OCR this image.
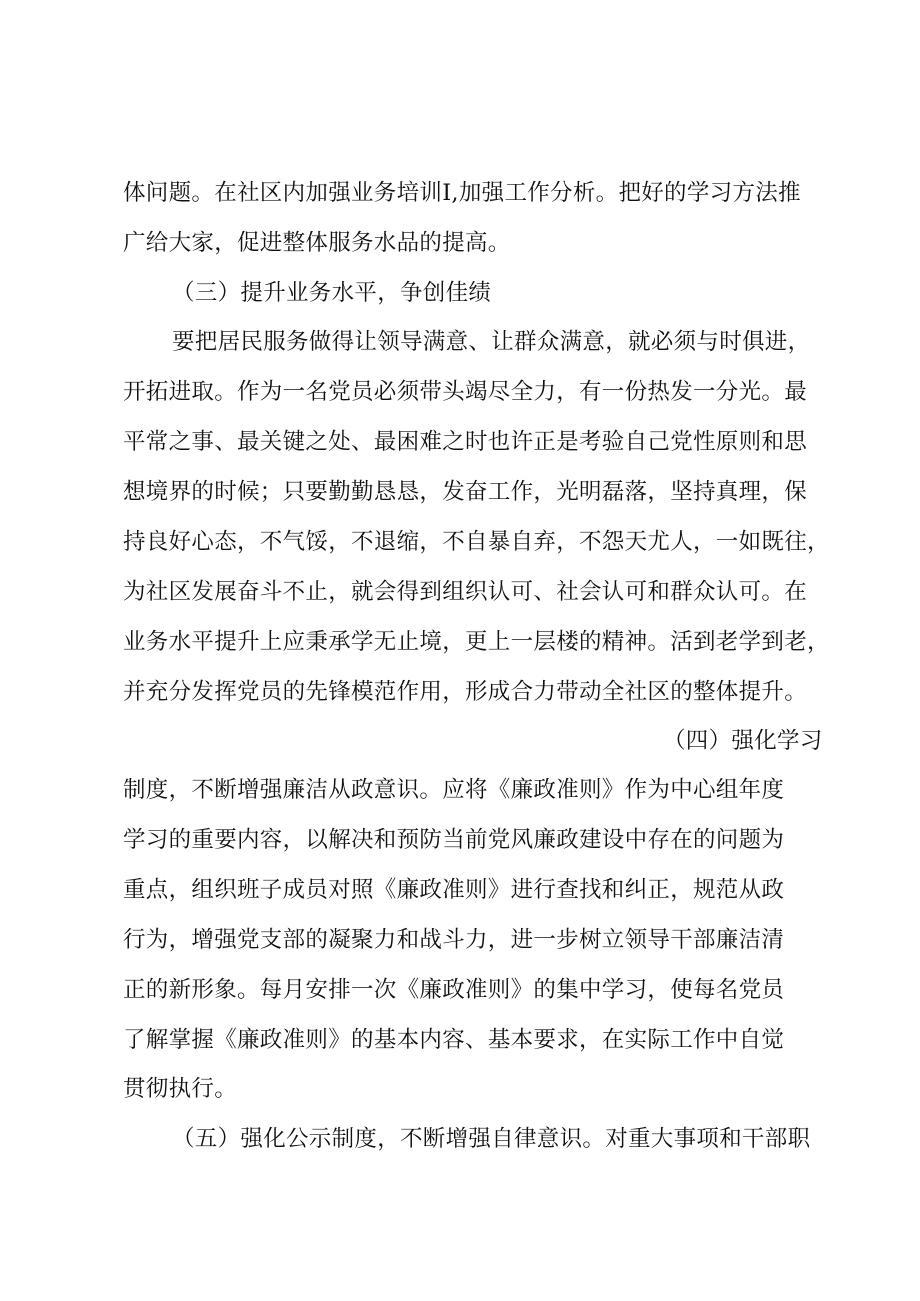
体问题。在社区内加强业务培训Ⅰ,加强工作分析。把好的学习方法推
广给大家，促进整体服务水品的提高。
（三）提升业务水平，争创佳绩
要把居民服务做得让领导满意、让群众满意，就必须与时俱进，
开拓进取。作为一名党员必须带头竭尽全力，有一份热发一分光。最
平常之事、最关键之处、最困难之时也许正是考验自己党性原则和思
想境界的时候；只要勤勤恳恳，发奋工作，光明磊落，坚持真理，保
持良好心态，不气馁，不退缩，不自暴自弃，不怨天尤人，一如既往，
为社区发展奋斗不止，就会得到组织认可、社会认可和群众认可。在
业务水平提升上应秉承学无止境，更上一层楼的精神。活到老学到老，
并充分发挥党员的先锋模范作用，形成合力带动全社区的整体提升。
（四）强化学习
制度，不断增强廉洁从政意识。应将《廉政准则》作为中心组年度
学习的重要内容，以解决和预防当前党风廉政建设中存在的问题为
重点，组织班子成员对照《廉政准则》进行查找和纠正，规范从政
行为，增强党支部的凝聚力和战斗力，进一步树立领导干部廉洁清
正的新形象。每月安排一次《廉政准则》的集中学习，使每名党员
了解掌握《廉政准则》的基本内容、基本要求，在实际工作中自觉
贯彻执行。
（五）强化公示制度，不断增强自律意识。对重大事项和干部职
